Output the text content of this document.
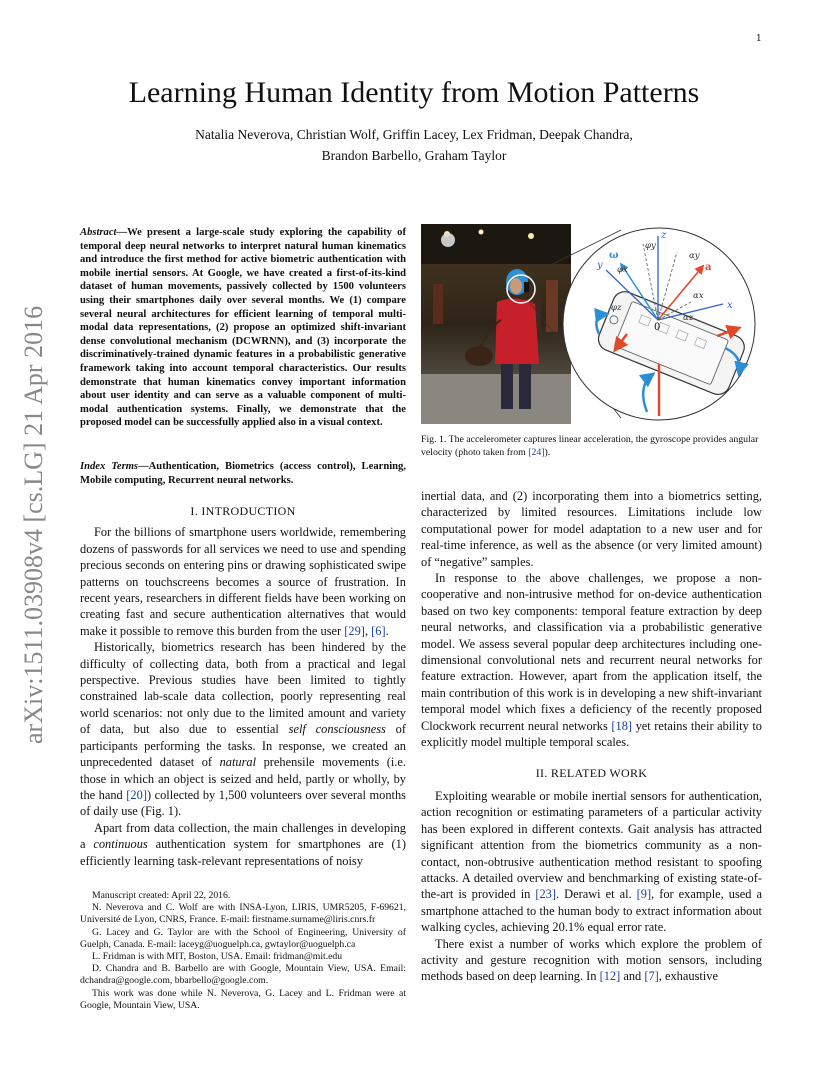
1
arXiv:1511.03908v4 [cs.LG] 21 Apr 2016
Learning Human Identity from Motion Patterns
Natalia Neverova, Christian Wolf, Griffin Lacey, Lex Fridman, Deepak Chandra,
Brandon Barbello, Graham Taylor
Abstract—We present a large-scale study exploring the capability of temporal deep neural networks to interpret natural human kinematics and introduce the first method for active biometric authentication with mobile inertial sensors. At Google, we have created a first-of-its-kind dataset of human movements, passively collected by 1500 volunteers using their smartphones daily over several months. We (1) compare several neural architectures for efficient learning of temporal multi-modal data representations, (2) propose an optimized shift-invariant dense convolutional mechanism (DCWRNN), and (3) incorporate the discriminatively-trained dynamic features in a probabilistic generative framework taking into account temporal characteristics. Our results demonstrate that human kinematics convey important information about user identity and can serve as a valuable component of multi-modal authentication systems. Finally, we demonstrate that the proposed model can be successfully applied also in a visual context.
Index Terms—Authentication, Biometrics (access control), Learning, Mobile computing, Recurrent neural networks.
I. INTRODUCTION

For the billions of smartphone users worldwide, remembering dozens of passwords for all services we need to use and spending precious seconds on entering pins or drawing sophisticated swipe patterns on touchscreens becomes a source of frustration. In recent years, researchers in different fields have been working on creating fast and secure authentication alternatives that would make it possible to remove this burden from the user [29], [6].

Historically, biometrics research has been hindered by the difficulty of collecting data, both from a practical and legal perspective. Previous studies have been limited to tightly constrained lab-scale data collection, poorly representing real world scenarios: not only due to the limited amount and variety of data, but also due to essential self consciousness of participants performing the tasks. In response, we created an unprecedented dataset of natural prehensile movements (i.e. those in which an object is seized and held, partly or wholly, by the hand [20]) collected by 1,500 volunteers over several months of daily use (Fig. 1).

Apart from data collection, the main challenges in developing a continuous authentication system for smartphones are (1) efficiently learning task-relevant representations of noisy

Manuscript created: April 22, 2016.

N. Neverova and C. Wolf are with INSA-Lyon, LIRIS, UMR5205, F-69621, Université de Lyon, CNRS, France. E-mail: firstname.surname@liris.cnrs.fr

G. Lacey and G. Taylor are with the School of Engineering, University of Guelph, Canada. E-mail: laceyg@uoguelph.ca, gwtaylor@uoguelph.ca

L. Fridman is with MIT, Boston, USA. Email: fridman@mit.edu

D. Chandra and B. Barbello are with Google, Mountain View, USA. Email: dchandra@google.com, bbarbello@google.com.

This work was done while N. Neverova, G. Lacey and L. Fridman were at Google, Mountain View, USA.

z
y
x
0
ω
a
φy
φx
φz
αy
αx
αz
Fig. 1. The accelerometer captures linear acceleration, the gyroscope provides angular velocity (photo taken from [24]).

inertial data, and (2) incorporating them into a biometrics setting, characterized by limited resources. Limitations include low computational power for model adaptation to a new user and for real-time inference, as well as the absence (or very limited amount) of “negative” samples.

In response to the above challenges, we propose a non-cooperative and non-intrusive method for on-device authentication based on two key components: temporal feature extraction by deep neural networks, and classification via a probabilistic generative model. We assess several popular deep architectures including one-dimensional convolutional nets and recurrent neural networks for feature extraction. However, apart from the application itself, the main contribution of this work is in developing a new shift-invariant temporal model which fixes a deficiency of the recently proposed Clockwork recurrent neural networks [18] yet retains their ability to explicitly model multiple temporal scales.

II. RELATED WORK

Exploiting wearable or mobile inertial sensors for authentication, action recognition or estimating parameters of a particular activity has been explored in different contexts. Gait analysis has attracted significant attention from the biometrics community as a non-contact, non-obtrusive authentication method resistant to spoofing attacks. A detailed overview and benchmarking of existing state-of-the-art is provided in [23]. Derawi et al. [9], for example, used a smartphone attached to the human body to extract information about walking cycles, achieving 20.1% equal error rate.

There exist a number of works which explore the problem of activity and gesture recognition with motion sensors, including methods based on deep learning. In [12] and [7], exhaustive
